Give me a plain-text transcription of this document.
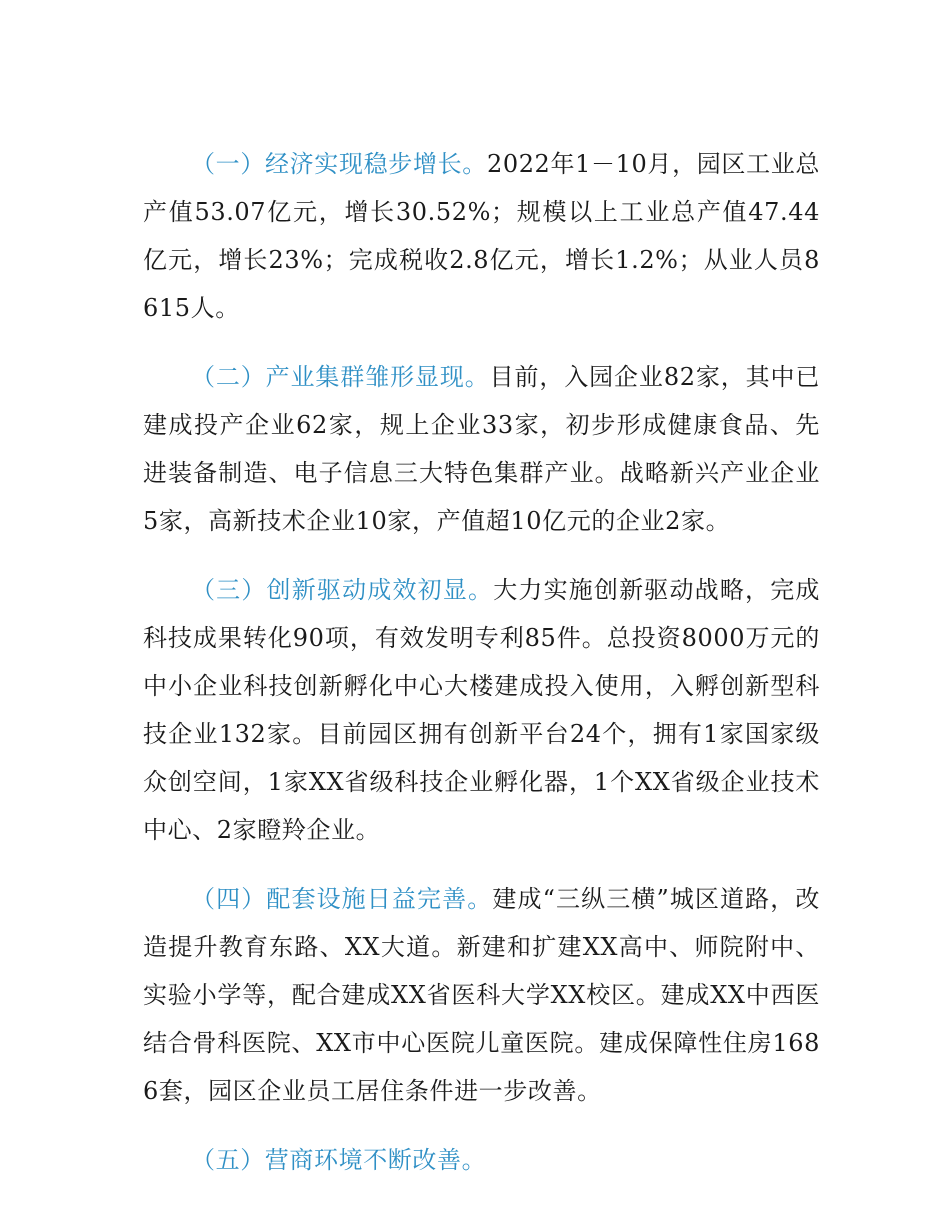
（一）经济实现稳步增长。2022年1－10月，园区工业总产值53.07亿元，增长30.52%；规模以上工业总产值47.44亿元，增长23%；完成税收2.8亿元，增长1.2%；从业人员8615人。

（二）产业集群雏形显现。目前，入园企业82家，其中已建成投产企业62家，规上企业33家，初步形成健康食品、先进装备制造、电子信息三大特色集群产业。战略新兴产业企业5家，高新技术企业10家，产值超10亿元的企业2家。

（三）创新驱动成效初显。大力实施创新驱动战略，完成科技成果转化90项，有效发明专利85件。总投资8000万元的中小企业科技创新孵化中心大楼建成投入使用，入孵创新型科技企业132家。目前园区拥有创新平台24个，拥有1家国家级众创空间，1家XX省级科技企业孵化器，1个XX省级企业技术中心、2家瞪羚企业。

（四）配套设施日益完善。建成“三纵三横”城区道路，改造提升教育东路、XX大道。新建和扩建XX高中、师院附中、实验小学等，配合建成XX省医科大学XX校区。建成XX中西医结合骨科医院、XX市中心医院儿童医院。建成保障性住房1686套，园区企业员工居住条件进一步改善。

（五）营商环境不断改善。
